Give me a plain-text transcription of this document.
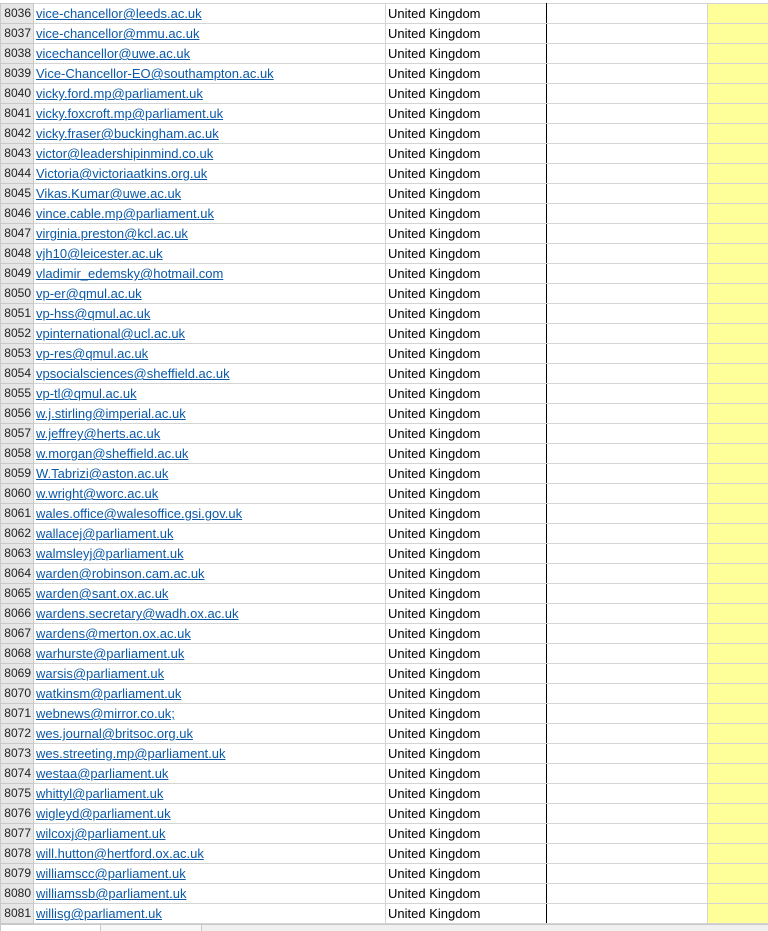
8036	vice-chancellor@leeds.ac.uk	United Kingdom		
8037	vice-chancellor@mmu.ac.uk	United Kingdom		
8038	vicechancellor@uwe.ac.uk	United Kingdom		
8039	Vice-Chancellor-EO@southampton.ac.uk	United Kingdom		
8040	vicky.ford.mp@parliament.uk	United Kingdom		
8041	vicky.foxcroft.mp@parliament.uk	United Kingdom		
8042	vicky.fraser@buckingham.ac.uk	United Kingdom		
8043	victor@leadershipinmind.co.uk	United Kingdom		
8044	Victoria@victoriaatkins.org.uk	United Kingdom		
8045	Vikas.Kumar@uwe.ac.uk	United Kingdom		
8046	vince.cable.mp@parliament.uk	United Kingdom		
8047	virginia.preston@kcl.ac.uk	United Kingdom		
8048	vjh10@leicester.ac.uk	United Kingdom		
8049	vladimir_edemsky@hotmail.com	United Kingdom		
8050	vp-er@qmul.ac.uk	United Kingdom		
8051	vp-hss@qmul.ac.uk	United Kingdom		
8052	vpinternational@ucl.ac.uk	United Kingdom		
8053	vp-res@qmul.ac.uk	United Kingdom		
8054	vpsocialsciences@sheffield.ac.uk	United Kingdom		
8055	vp-tl@qmul.ac.uk	United Kingdom		
8056	w.j.stirling@imperial.ac.uk	United Kingdom		
8057	w.jeffrey@herts.ac.uk	United Kingdom		
8058	w.morgan@sheffield.ac.uk	United Kingdom		
8059	W.Tabrizi@aston.ac.uk	United Kingdom		
8060	w.wright@worc.ac.uk	United Kingdom		
8061	wales.office@walesoffice.gsi.gov.uk	United Kingdom		
8062	wallacej@parliament.uk	United Kingdom		
8063	walmsleyj@parliament.uk	United Kingdom		
8064	warden@robinson.cam.ac.uk	United Kingdom		
8065	warden@sant.ox.ac.uk	United Kingdom		
8066	wardens.secretary@wadh.ox.ac.uk	United Kingdom		
8067	wardens@merton.ox.ac.uk	United Kingdom		
8068	warhurste@parliament.uk	United Kingdom		
8069	warsis@parliament.uk	United Kingdom		
8070	watkinsm@parliament.uk	United Kingdom		
8071	webnews@mirror.co.uk;	United Kingdom		
8072	wes.journal@britsoc.org.uk	United Kingdom		
8073	wes.streeting.mp@parliament.uk	United Kingdom		
8074	westaa@parliament.uk	United Kingdom		
8075	whittyl@parliament.uk	United Kingdom		
8076	wigleyd@parliament.uk	United Kingdom		
8077	wilcoxj@parliament.uk	United Kingdom		
8078	will.hutton@hertford.ox.ac.uk	United Kingdom		
8079	williamscc@parliament.uk	United Kingdom		
8080	williamssb@parliament.uk	United Kingdom		
8081	willisg@parliament.uk	United Kingdom		
